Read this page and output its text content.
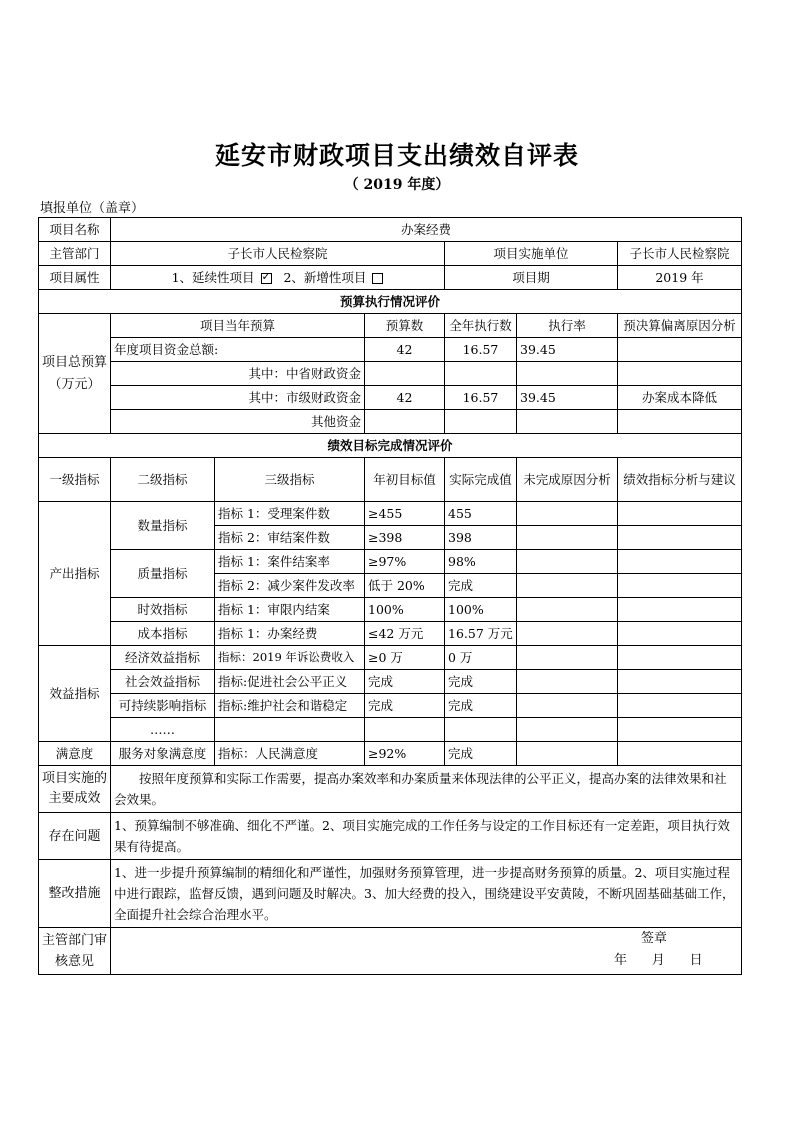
延安市财政项目支出绩效自评表
（ 2019 年度）
填报单位（盖章）
项目名称	办案经费					
主管部门	子长市人民检察院			项目实施单位		子长市人民检察院
项目属性	1、延续性项目 ✓ 2、新增性项目			项目期		2019 年
预算执行情况评价						
项目总预算（万元）	项目当年预算		预算数	全年执行数	执行率	预决算偏离原因分析
	年度项目资金总额:		42	16.57	39.45	
	其中：中省财政资金					
	其中：市级财政资金		42	16.57	39.45	办案成本降低
	其他资金					
绩效目标完成情况评价						
一级指标	二级指标	三级指标	年初目标值	实际完成值	未完成原因分析	绩效指标分析与建议
产出指标	数量指标	指标 1：受理案件数	≥455	455		
		指标 2：审结案件数	≥398	398		
	质量指标	指标 1：案件结案率	≥97%	98%		
		指标 2：减少案件发改率	低于 20%	完成		
	时效指标	指标 1：审限内结案	100%	100%		
	成本指标	指标 1：办案经费	≤42 万元	16.57 万元		
效益指标	经济效益指标	指标：2019 年诉讼费收入	≥0 万	0 万		
	社会效益指标	指标:促进社会公平正义	完成	完成		
	可持续影响指标	指标:维护社会和谐稳定	完成	完成		
	……					
满意度	服务对象满意度	指标：人民满意度	≥92%	完成		
项目实施的主要成效	按照年度预算和实际工作需要，提高办案效率和办案质量来体现法律的公平正义，提高办案的法律效果和社会效果。					
存在问题	1、预算编制不够准确、细化不严谨。2、项目实施完成的工作任务与设定的工作目标还有一定差距，项目执行效果有待提高。					
整改措施	1、进一步提升预算编制的精细化和严谨性，加强财务预算管理，进一步提高财务预算的质量。2、项目实施过程中进行跟踪，监督反馈，遇到问题及时解决。3、加大经费的投入，围绕建设平安黄陵，不断巩固基础基础工作，全面提升社会综合治理水平。					
主管部门审核意见	签章
年      月      日					
